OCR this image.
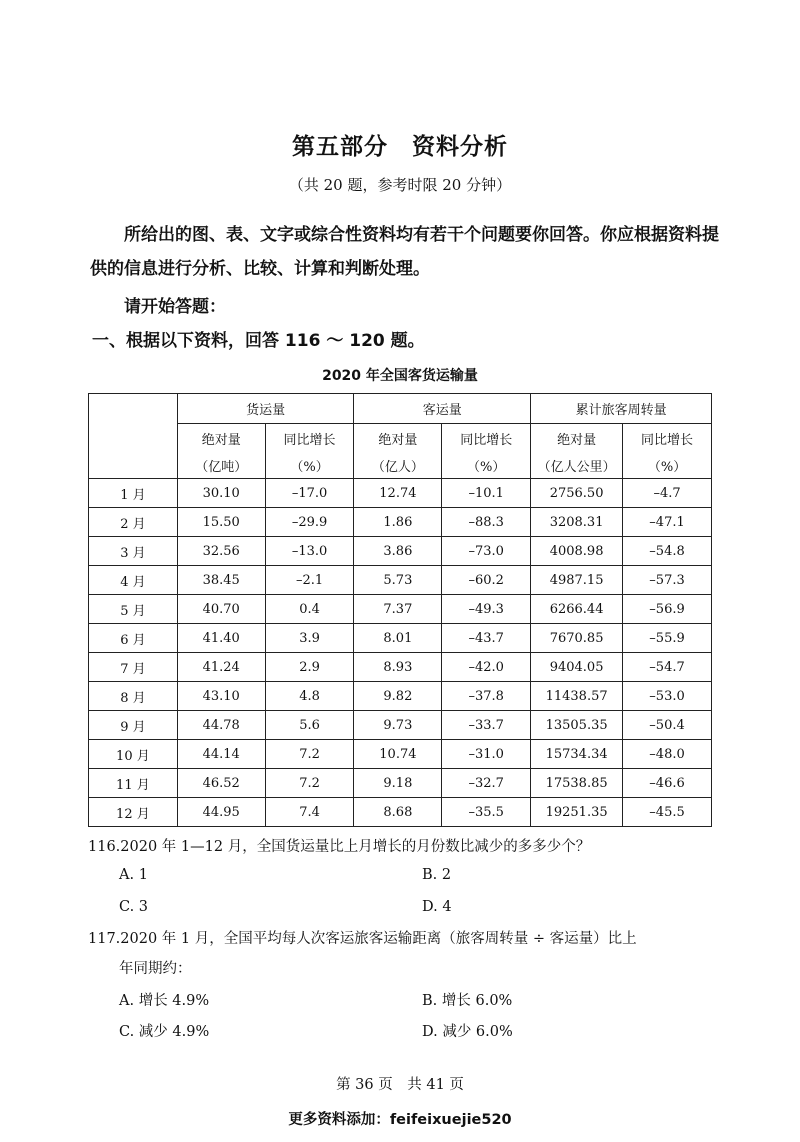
第五部分　资料分析
（共 20 题，参考时限 20 分钟）
所给出的图、表、文字或综合性资料均有若干个问题要你回答。你应根据资料提供的信息进行分析、比较、计算和判断处理。
请开始答题：
一、根据以下资料，回答 116 ～ 120 题。
2020 年全国客货运输量
	货运量		客运量		累计旅客周转量	
	绝对量	同比增长	绝对量	同比增长	绝对量	同比增长
	（亿吨）	（%）	（亿人）	（%）	（亿人公里）	（%）
1 月	30.10	–17.0	12.74	–10.1	2756.50	–4.7
2 月	15.50	–29.9	1.86	–88.3	3208.31	–47.1
3 月	32.56	–13.0	3.86	–73.0	4008.98	–54.8
4 月	38.45	–2.1	5.73	–60.2	4987.15	–57.3
5 月	40.70	0.4	7.37	–49.3	6266.44	–56.9
6 月	41.40	3.9	8.01	–43.7	7670.85	–55.9
7 月	41.24	2.9	8.93	–42.0	9404.05	–54.7
8 月	43.10	4.8	9.82	–37.8	11438.57	–53.0
9 月	44.78	5.6	9.73	–33.7	13505.35	–50.4
10 月	44.14	7.2	10.74	–31.0	15734.34	–48.0
11 月	46.52	7.2	9.18	–32.7	17538.85	–46.6
12 月	44.95	7.4	8.68	–35.5	19251.35	–45.5
116.2020 年 1—12 月，全国货运量比上月增长的月份数比减少的多多少个？
A. 1	B. 2
C. 3	D. 4
117.2020 年 1 月，全国平均每人次客运旅客运输距离（旅客周转量 ÷ 客运量）比上
年同期约：
A. 增长 4.9%	B. 增长 6.0%
C. 减少 4.9%	D. 减少 6.0%
第 36 页　共 41 页
更多资料添加：feifeixuejie520
